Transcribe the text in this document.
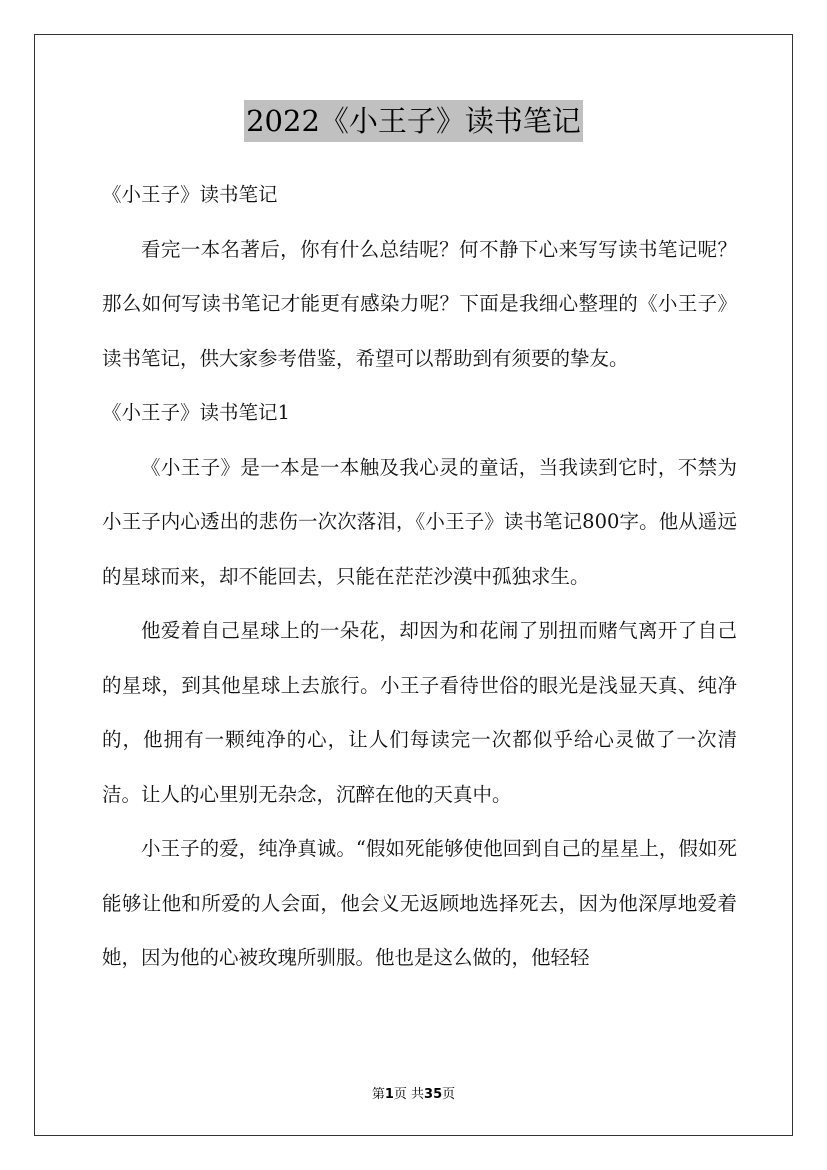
2022《小王子》读书笔记

《小王子》读书笔记

看完一本名著后，你有什么总结呢？何不静下心来写写读书笔记呢？那么如何写读书笔记才能更有感染力呢？下面是我细心整理的《小王子》读书笔记，供大家参考借鉴，希望可以帮助到有须要的挚友。

《小王子》读书笔记1

《小王子》是一本是一本触及我心灵的童话，当我读到它时，不禁为小王子内心透出的悲伤一次次落泪，《小王子》读书笔记800字。他从遥远的星球而来，却不能回去，只能在茫茫沙漠中孤独求生。

他爱着自己星球上的一朵花，却因为和花闹了别扭而赌气离开了自己的星球，到其他星球上去旅行。小王子看待世俗的眼光是浅显天真、纯净的，他拥有一颗纯净的心，让人们每读完一次都似乎给心灵做了一次清洁。让人的心里别无杂念，沉醉在他的天真中。

小王子的爱，纯净真诚。“假如死能够使他回到自己的星星上，假如死能够让他和所爱的人会面，他会义无返顾地选择死去，因为他深厚地爱着她，因为他的心被玫瑰所驯服。他也是这么做的，他轻轻

第1页 共35页
